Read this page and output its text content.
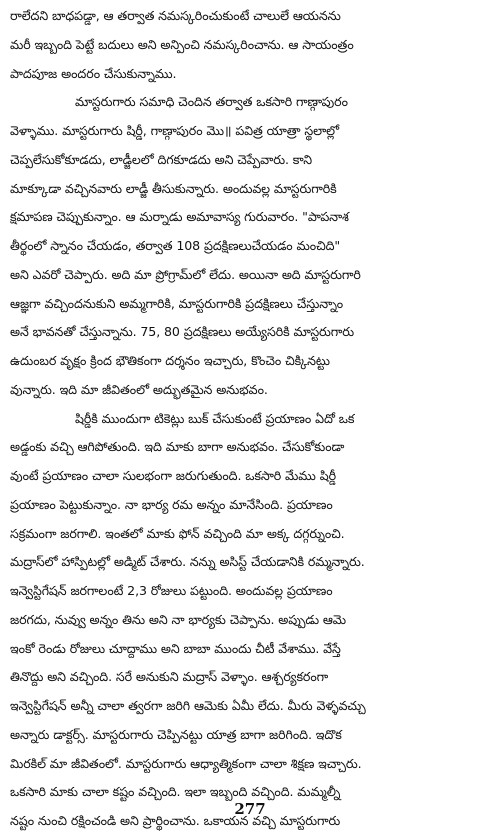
రాలేదని బాధపడ్డా, ఆ తర్వాత నమస్కరించుకుంటే చాలులే ఆయనను
మరీ ఇబ్బంది పెట్టే బదులు అని అన్పించి నమస్కరించాను. ఆ సాయంత్రం
పాదపూజ అందరం చేసుకున్నాము.
మాస్టరుగారు సమాధి చెందిన తర్వాత ఒకసారి గాణ్గాపురం
వెళ్ళాము. మాస్టరుగారు షిర్డీ, గాణ్గాపురం మొ॥ పవిత్ర యాత్రా స్థలాల్లో
చెప్పలేసుకోకూడదు, లాడ్జీలలో దిగకూడదు అని చెప్పేవారు. కాని
మాక్కూడా వచ్చినవారు లాడ్జీ తీసుకున్నారు. అందువల్ల మాస్టరుగారికి
క్షమాపణ చెప్పుకున్నాం. ఆ మర్నాడు అమావాస్య గురువారం. "పాపనాశ
తీర్థంలో స్నానం చేయడం, తర్వాత 108 ప్రదక్షిణలుచేయడం మంచిది"
అని ఎవరో చెప్పారు. అది మా ప్రోగ్రామ్‌లో లేదు. అయినా అది మాస్టరుగారి
ఆజ్ఞగా వచ్చిందనుకుని అమ్మగారికి, మాస్టరుగారికి ప్రదక్షిణలు చేస్తున్నాం
అనే భావనతో చేస్తున్నాను. 75, 80 ప్రదక్షిణలు అయ్యేసరికి మాస్టరుగారు
ఉదుంబర వృక్షం క్రింద భౌతికంగా దర్శనం ఇచ్చారు, కొంచెం చిక్కినట్టు
వున్నారు. ఇది మా జీవితంలో అద్భుతమైన అనుభవం.
షిర్డీకి ముందుగా టికెట్లు బుక్ చేసుకుంటే ప్రయాణం ఏదో ఒక
అడ్డంకు వచ్చి ఆగిపోతుంది. ఇది మాకు బాగా అనుభవం. చేసుకోకుండా
వుంటే ప్రయాణం చాలా సులభంగా జరుగుతుంది. ఒకసారి మేము షిర్డీ
ప్రయాణం పెట్టుకున్నాం. నా భార్య రమ అన్నం మానేసింది. ప్రయాణం
సక్రమంగా జరగాలి. ఇంతలో మాకు ఫోన్ వచ్చింది మా అక్క దగ్గర్నుంచి.
మద్రాస్‌లో హాస్పిటల్లో అడ్మిట్ చేశారు. నన్ను అసిస్ట్ చేయడానికి రమ్మన్నారు.
ఇన్వెస్టిగేషన్ జరగాలంటే 2,3 రోజులు పట్టుంది. అందువల్ల ప్రయాణం
జరగదు, నువ్వు అన్నం తిను అని నా భార్యకు చెప్పాను. అప్పుడు ఆమె
ఇంకో రెండు రోజులు చూద్దాము అని బాబా ముందు చీటీ వేశాము. వేస్తే
తినొద్దు అని వచ్చింది. సరే అనుకుని మద్రాస్ వెళ్ళాం. ఆశ్చర్యకరంగా
ఇన్వెస్టిగేషన్ అన్నీ చాలా త్వరగా జరిగి ఆమెకు ఏమీ లేదు. మీరు వెళ్ళవచ్చు
అన్నారు డాక్టర్స్. మాస్టరుగారు చెప్పినట్టు యాత్ర బాగా జరిగింది. ఇదొక
మిరకిల్ మా జీవితంలో. మాస్టరుగారు ఆధ్యాత్మికంగా చాలా శిక్షణ ఇచ్చారు.
ఒకసారి మాకు చాలా కష్టం వచ్చింది. ఇలా ఇబ్బంది వచ్చింది. మమ్మల్నీ
నష్టం నుంచి రక్షించండి అని ప్రార్థించాను. ఒకాయన వచ్చి మాస్టరుగారు
277
